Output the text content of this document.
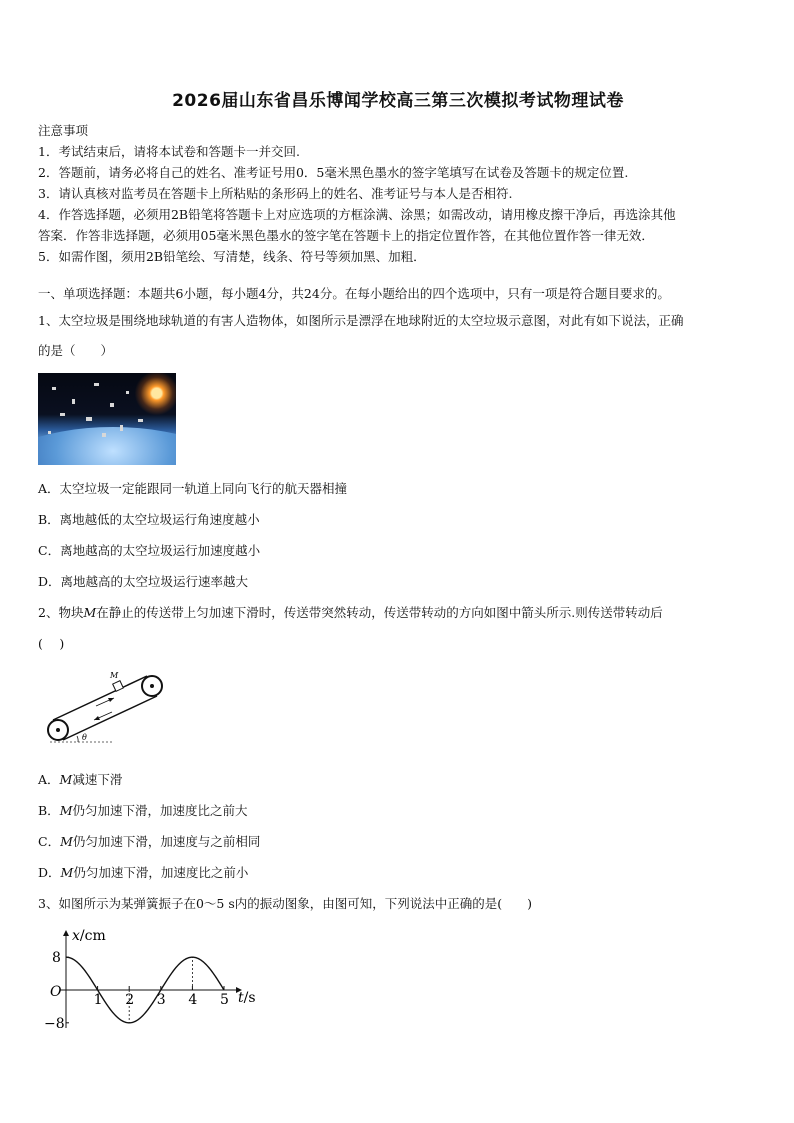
2026届山东省昌乐博闻学校高三第三次模拟考试物理试卷
注意事项
1．考试结束后，请将本试卷和答题卡一并交回.
2．答题前，请务必将自己的姓名、准考证号用0．5毫米黑色墨水的签字笔填写在试卷及答题卡的规定位置.
3．请认真核对监考员在答题卡上所粘贴的条形码上的姓名、准考证号与本人是否相符.
4．作答选择题，必须用2B铅笔将答题卡上对应选项的方框涂满、涂黑；如需改动，请用橡皮擦干净后，再选涂其他
答案．作答非选择题，必须用05毫米黑色墨水的签字笔在答题卡上的指定位置作答，在其他位置作答一律无效．
5．如需作图，须用2B铅笔绘、写清楚，线条、符号等须加黑、加粗．
一、单项选择题：本题共6小题，每小题4分，共24分。在每小题给出的四个选项中，只有一项是符合题目要求的。
1、太空垃圾是围绕地球轨道的有害人造物体，如图所示是漂浮在地球附近的太空垃圾示意图，对此有如下说法，正确
的是（　　）
A．太空垃圾一定能跟同一轨道上同向飞行的航天器相撞
B．离地越低的太空垃圾运行角速度越小
C．离地越高的太空垃圾运行加速度越小
D．离地越高的太空垃圾运行速率越大
2、物块M在静止的传送带上匀加速下滑时，传送带突然转动，传送带转动的方向如图中箭头所示.则传送带转动后
(　 )
M
θ
A．M减速下滑
B．M仍匀加速下滑，加速度比之前大
C．M仍匀加速下滑，加速度与之前相同
D．M仍匀加速下滑，加速度比之前小
3、如图所示为某弹簧振子在0～5 s内的振动图象，由图可知，下列说法中正确的是(　　)
x/cm
t/s
O 1 2 3 4 5
8
−8
